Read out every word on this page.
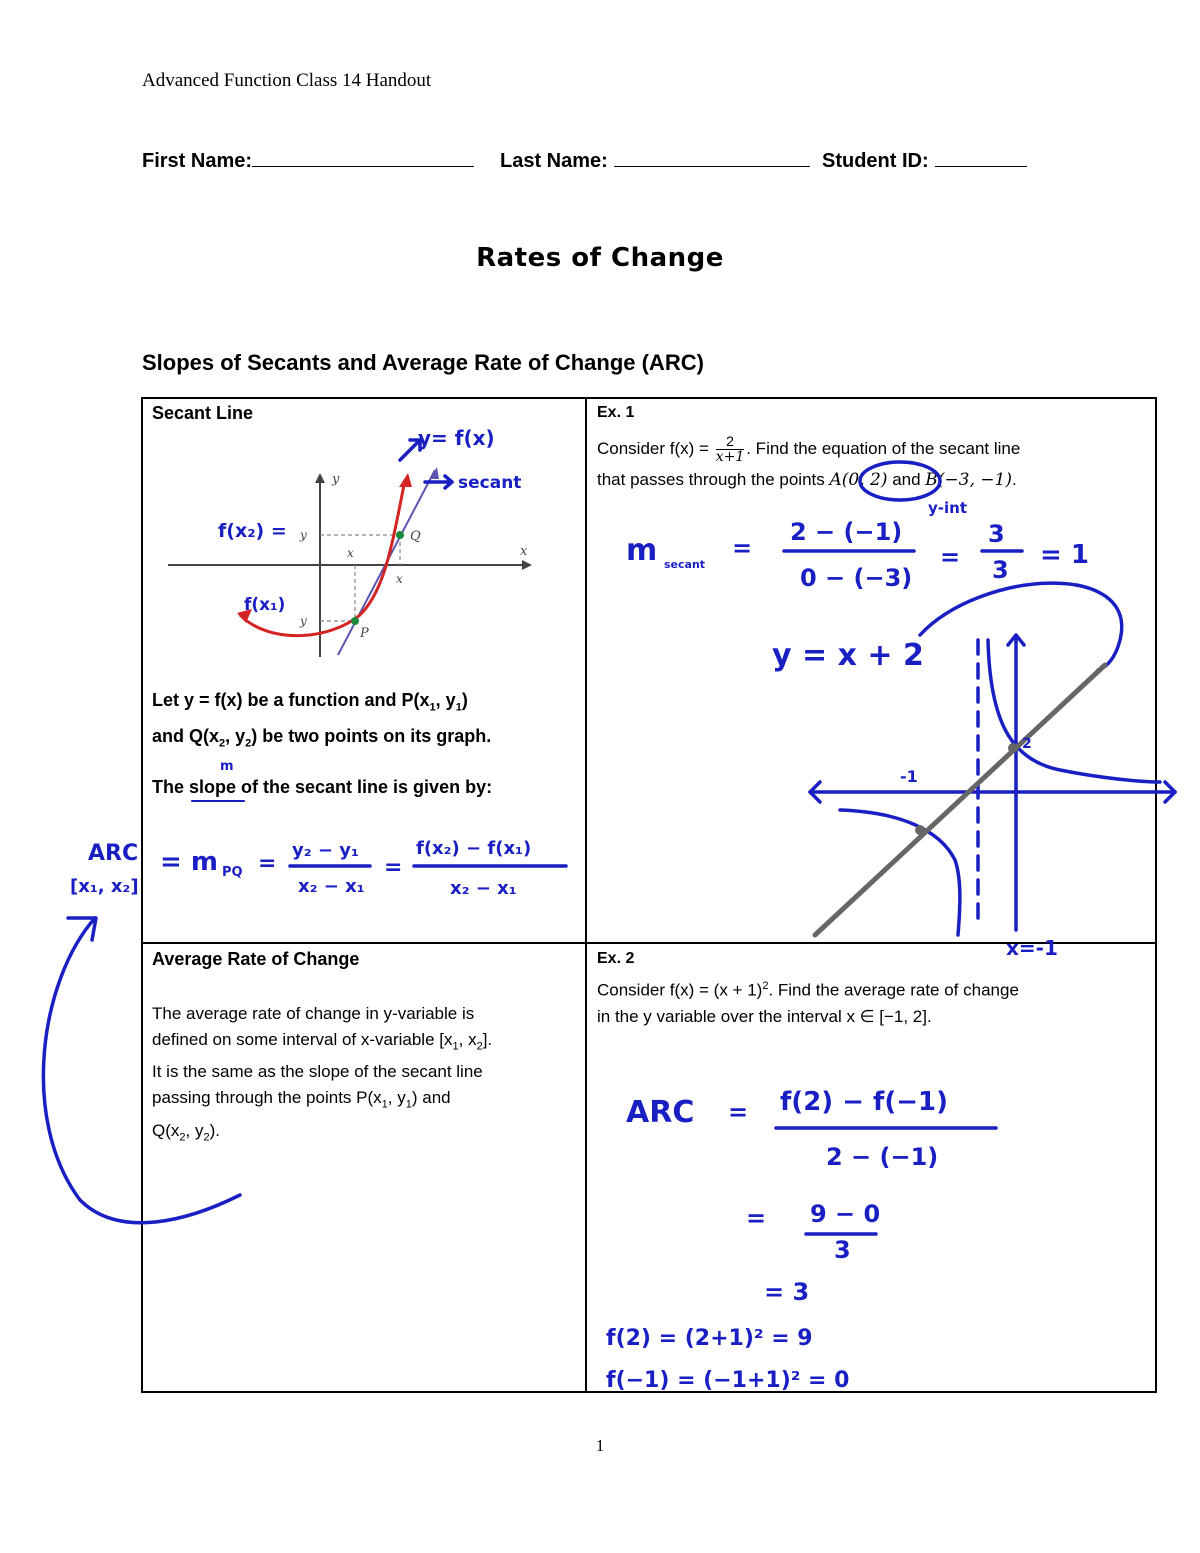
Advanced Function Class 14 Handout
First Name:	Last Name:	Student ID:
Rates of Change
Slopes of Secants and Average Rate of Change (ARC)
Secant Line
y
x
y
y
x
x
Q
P
Let y = f(x) be a function and $P(x_1$, $y_1$)
and $Q(x_2$, $y_2$) be two points on its graph.
The slope of the secant line is given by:
Ex. 1
Consider $f(x) = \frac{2}{x+1}$ . Find the equation of the secant line
that passes through the points A(0, 2) and B(−3, −1).
Average Rate of Change
The average rate of change in y-variable is
defined on some interval of x-variable [$x_1$, $x_2$].
It is the same as the slope of the secant line
passing through the points $P(x_1$, $y_1$) and
$Q(x_2$, $y_2$).
Ex. 2
Consider $f(x) = (x + 1)^2$. Find the average rate of change
in the y variable over the interval x ∈ [−1, 2].
1
y= f(x)
secant
f(x₂) =
f(x₁)
m
ARC
[x₁, x₂]
= m PQ =
y₂ − y₁
x₂ − x₁
=
f(x₂) − f(x₁)
x₂ − x₁
y-int
m secant
=
2 − (−1)
0 − (−3)
=
3
3 = 1
y = x + 2
2
-1
x=-1
ARC = f(2) − f(−1)
2 − (−1)
= 9 − 0
3
= 3
f(2) = (2+1)² = 9
f(−1) = (−1+1)² = 0
